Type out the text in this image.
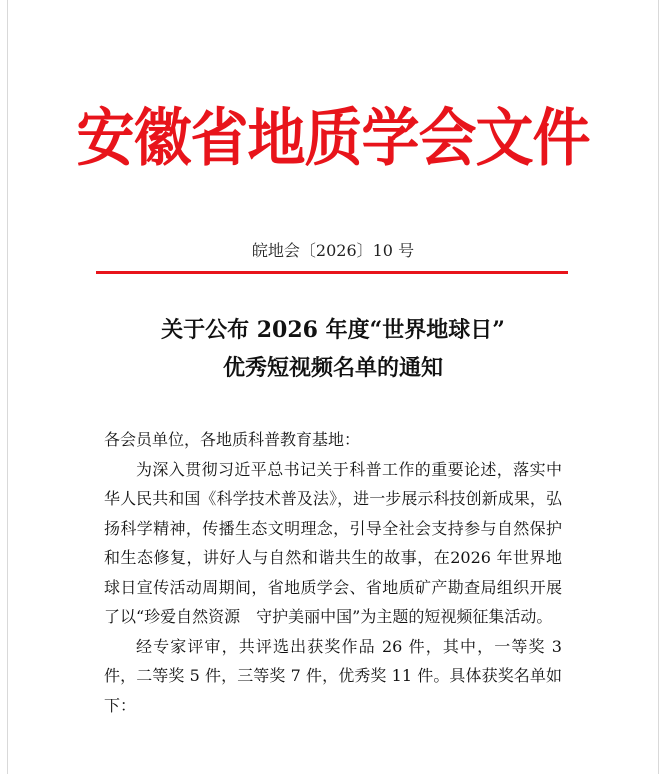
安徽省地质学会文件
皖地会〔2026〕10 号
关于公布 2026 年度“世界地球日”
优秀短视频名单的通知

各会员单位，各地质科普教育基地：

为深入贯彻习近平总书记关于科普工作的重要论述，落实中华人民共和国《科学技术普及法》，进一步展示科技创新成果，弘扬科学精神，传播生态文明理念，引导全社会支持参与自然保护和生态修复，讲好人与自然和谐共生的故事，在2026 年世界地球日宣传活动周期间，省地质学会、省地质矿产勘查局组织开展了以“珍爱自然资源　守护美丽中国”为主题的短视频征集活动。

经专家评审，共评选出获奖作品 26 件，其中，一等奖 3 件，二等奖 5 件，三等奖 7 件，优秀奖 11 件。具体获奖名单如下：
